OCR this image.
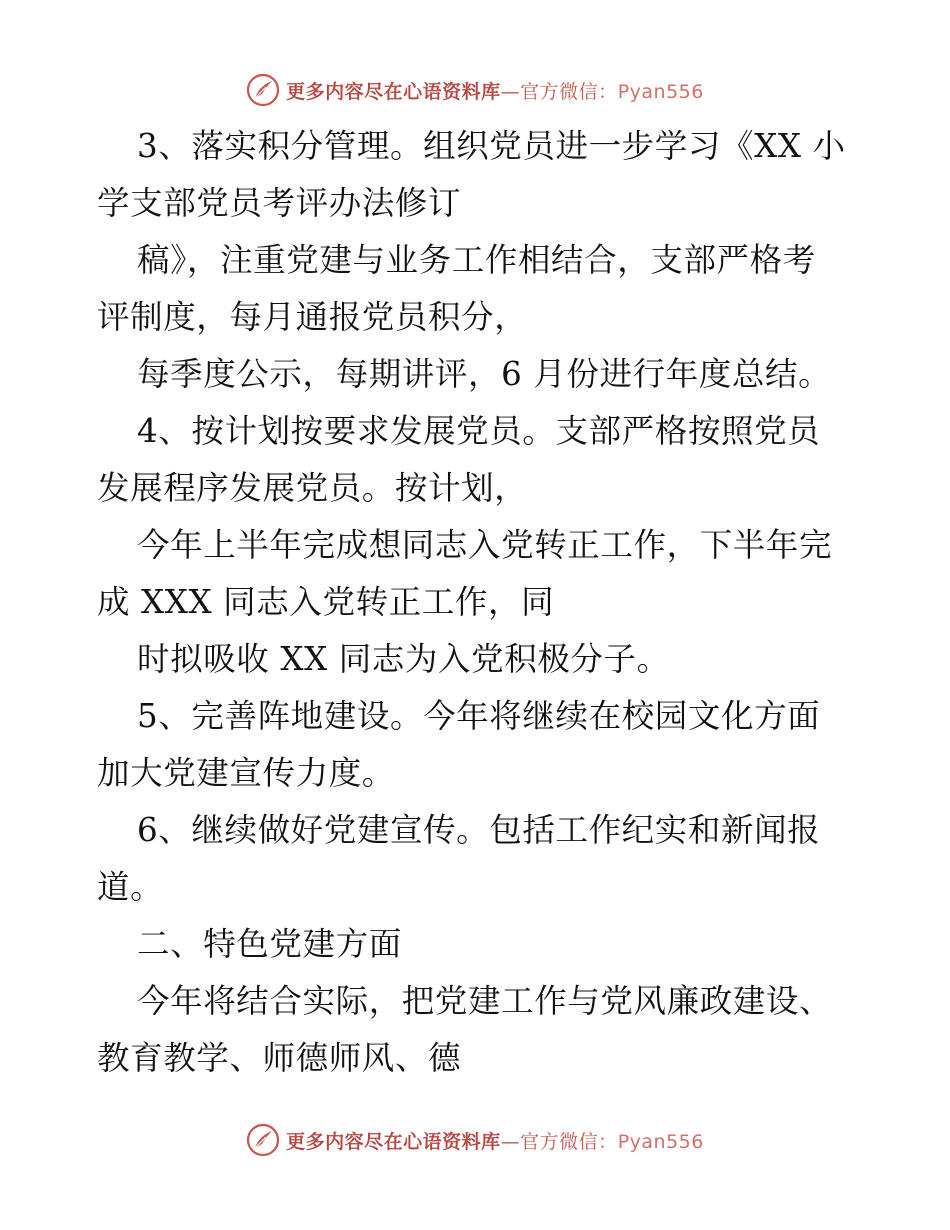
更多内容尽在心语资料库—官方微信：Pyan556

3、落实积分管理。组织党员进一步学习《XX 小

学支部党员考评办法修订

稿》，注重党建与业务工作相结合，支部严格考

评制度，每月通报党员积分，

每季度公示，每期讲评，6 月份进行年度总结。

4、按计划按要求发展党员。支部严格按照党员

发展程序发展党员。按计划，

今年上半年完成想同志入党转正工作，下半年完

成 XXX 同志入党转正工作，同

时拟吸收 XX 同志为入党积极分子。

5、完善阵地建设。今年将继续在校园文化方面

加大党建宣传力度。

6、继续做好党建宣传。包括工作纪实和新闻报

道。

二、特色党建方面

今年将结合实际，把党建工作与党风廉政建设、

教育教学、师德师风、德

更多内容尽在心语资料库—官方微信：Pyan556
